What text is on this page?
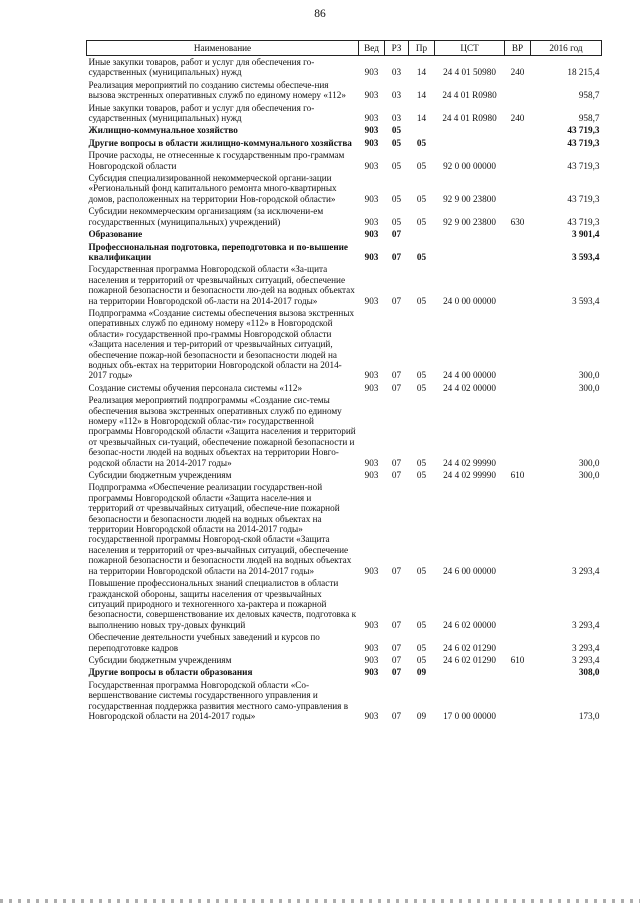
86
Наименование	Вед	РЗ	Пр	ЦСТ	ВР	2016 год
Иные закупки товаров, работ и услуг для обеспечения го-сударственных (муниципальных) нужд	903	03	14	24 4 01 50980	240	18 215,4
Реализация мероприятий по созданию системы обеспече-ния вызова экстренных оперативных служб по единому номеру «112»	903	03	14	24 4 01 R0980		958,7
Иные закупки товаров, работ и услуг для обеспечения го-сударственных (муниципальных) нужд	903	03	14	24 4 01 R0980	240	958,7
Жилищно-коммунальное хозяйство	903	05				43 719,3
Другие вопросы в области жилищно-коммунального хозяйства	903	05	05			43 719,3
Прочие расходы, не отнесенные к государственным про-граммам Новгородской области	903	05	05	92 0 00 00000		43 719,3
Субсидия специализированной некоммерческой органи-зации «Региональный фонд капитального ремонта много-квартирных домов, расположенных на территории Нов-городской области»	903	05	05	92 9 00 23800		43 719,3
Субсидии некоммерческим организациям (за исключени-ем государственных (муниципальных) учреждений)	903	05	05	92 9 00 23800	630	43 719,3
Образование	903	07				3 901,4
Профессиональная подготовка, переподготовка и по-вышение квалификации	903	07	05			3 593,4
Государственная программа Новгородской области «За-щита населения и территорий от чрезвычайных ситуаций, обеспечение пожарной безопасности и безопасности лю-дей на водных объектах на территории Новгородской об-ласти на 2014-2017 годы»	903	07	05	24 0 00 00000		3 593,4
Подпрограмма «Создание системы обеспечения вызова экстренных оперативных служб по единому номеру «112» в Новгородской области» государственной про-граммы Новгородской области «Защита населения и тер-риторий от чрезвычайных ситуаций, обеспечение пожар-ной безопасности и безопасности людей на водных объ-ектах на территории Новгородской области на 2014-2017 годы»	903	07	05	24 4 00 00000		300,0
Создание системы обучения персонала системы «112»	903	07	05	24 4 02 00000		300,0
Реализация мероприятий подпрограммы «Создание сис-темы обеспечения вызова экстренных оперативных служб по единому номеру «112» в Новгородской облас-ти» государственной программы Новгородской области «Защита населения и территорий от чрезвычайных си-туаций, обеспечение пожарной безопасности и безопас-ности людей на водных объектах на территории Новго-родской области на 2014-2017 годы»	903	07	05	24 4 02 99990		300,0
Субсидии бюджетным учреждениям	903	07	05	24 4 02 99990	610	300,0
Подпрограмма «Обеспечение реализации государствен-ной программы Новгородской области «Защита населе-ния и территорий от чрезвычайных ситуаций, обеспече-ние пожарной безопасности и безопасности людей на водных объектах на территории Новгородской области на 2014-2017 годы» государственной программы Новгород-ской области «Защита населения и территорий от чрез-вычайных ситуаций, обеспечение пожарной безопасности и безопасности людей на водных объектах на территории Новгородской области на 2014-2017 годы»	903	07	05	24 6 00 00000		3 293,4
Повышение профессиональных знаний специалистов в области гражданской обороны, защиты населения от чрезвычайных ситуаций природного и техногенного ха-рактера и пожарной безопасности, совершенствование их деловых качеств, подготовка к выполнению новых тру-довых функций	903	07	05	24 6 02 00000		3 293,4
Обеспечение деятельности учебных заведений и курсов по переподготовке кадров	903	07	05	24 6 02 01290		3 293,4
Субсидии бюджетным учреждениям	903	07	05	24 6 02 01290	610	3 293,4
Другие вопросы в области образования	903	07	09			308,0
Государственная программа Новгородской области «Со-вершенствование системы государственного управления и государственная поддержка развития местного само-управления в Новгородской области на 2014-2017 годы»	903	07	09	17 0 00 00000		173,0
